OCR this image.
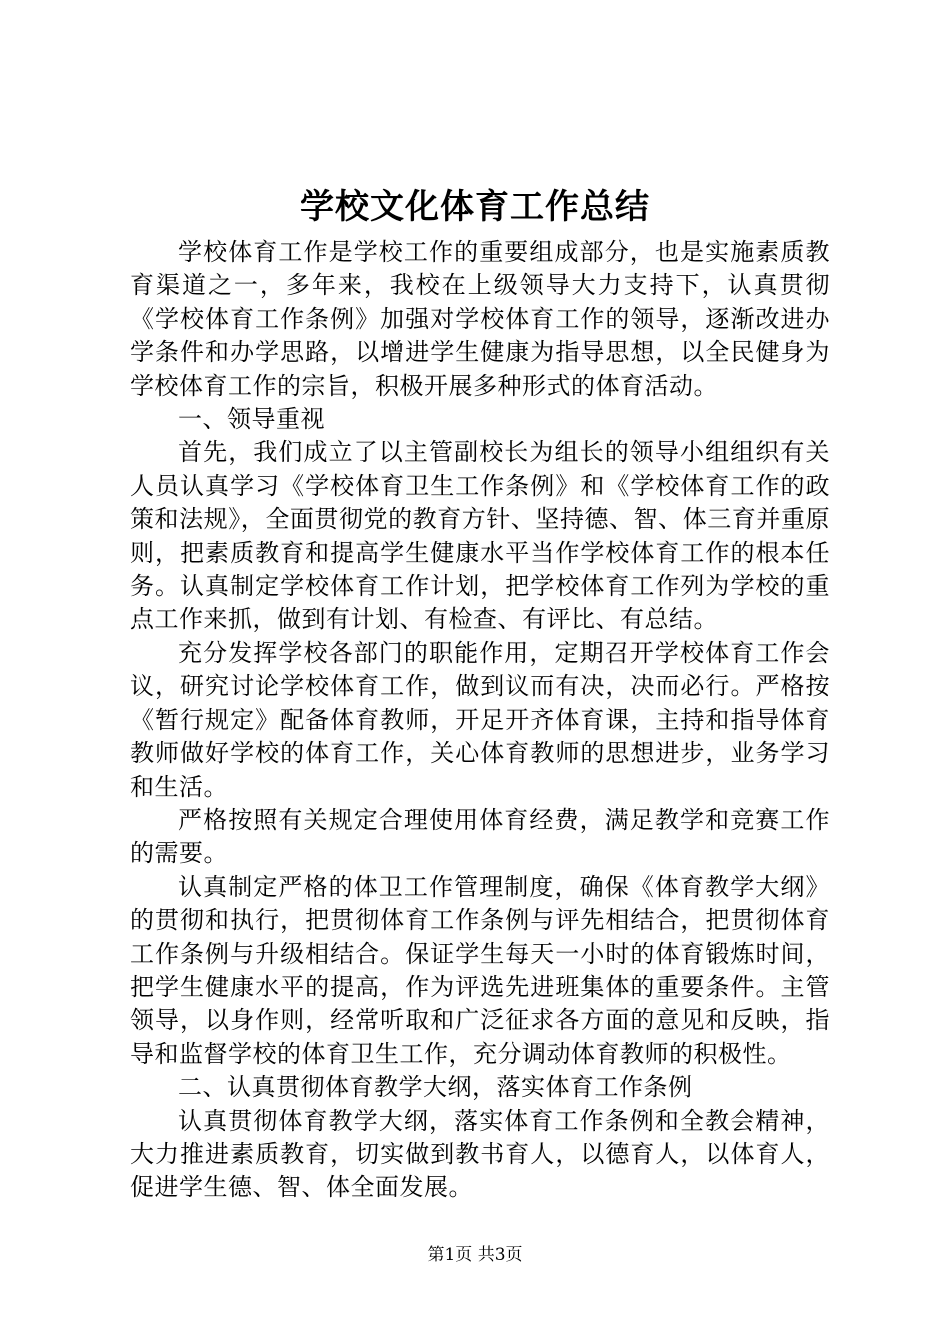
学校文化体育工作总结

学校体育工作是学校工作的重要组成部分，也是实施素质教育渠道之一，多年来，我校在上级领导大力支持下，认真贯彻《学校体育工作条例》加强对学校体育工作的领导，逐渐改进办学条件和办学思路，以增进学生健康为指导思想，以全民健身为学校体育工作的宗旨，积极开展多种形式的体育活动。

一、领导重视

首先，我们成立了以主管副校长为组长的领导小组组织有关人员认真学习《学校体育卫生工作条例》和《学校体育工作的政策和法规》，全面贯彻党的教育方针、坚持德、智、体三育并重原则，把素质教育和提高学生健康水平当作学校体育工作的根本任务。认真制定学校体育工作计划，把学校体育工作列为学校的重点工作来抓，做到有计划、有检查、有评比、有总结。

充分发挥学校各部门的职能作用，定期召开学校体育工作会议，研究讨论学校体育工作，做到议而有决，决而必行。严格按《暂行规定》配备体育教师，开足开齐体育课，主持和指导体育教师做好学校的体育工作，关心体育教师的思想进步，业务学习和生活。

严格按照有关规定合理使用体育经费，满足教学和竞赛工作的需要。

认真制定严格的体卫工作管理制度，确保《体育教学大纲》的贯彻和执行，把贯彻体育工作条例与评先相结合，把贯彻体育工作条例与升级相结合。保证学生每天一小时的体育锻炼时间，把学生健康水平的提高，作为评选先进班集体的重要条件。主管领导，以身作则，经常听取和广泛征求各方面的意见和反映，指导和监督学校的体育卫生工作，充分调动体育教师的积极性。

二、认真贯彻体育教学大纲，落实体育工作条例

认真贯彻体育教学大纲，落实体育工作条例和全教会精神，大力推进素质教育，切实做到教书育人，以德育人，以体育人，促进学生德、智、体全面发展。

第1页 共3页
